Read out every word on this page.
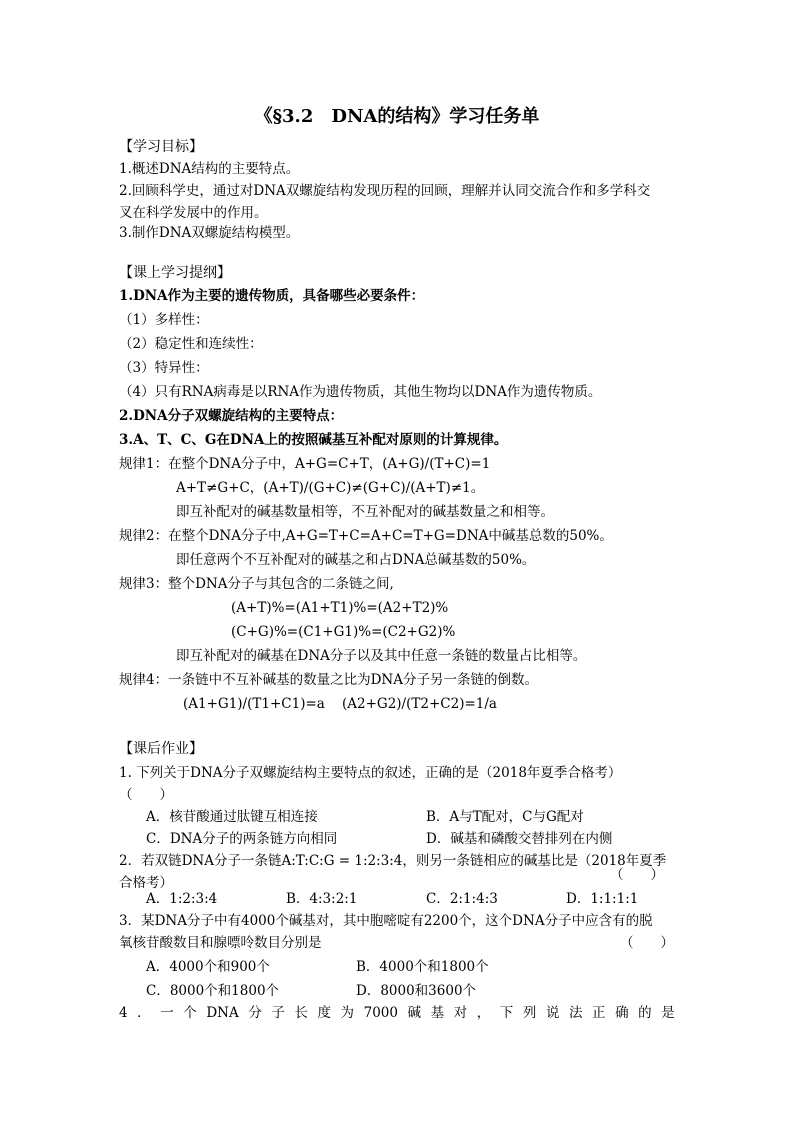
《§3.2　DNA的结构》学习任务单
【学习目标】
1.概述DNA结构的主要特点。
2.回顾科学史，通过对DNA双螺旋结构发现历程的回顾，理解并认同交流合作和多学科交
叉在科学发展中的作用。
3.制作DNA双螺旋结构模型。
【课上学习提纲】
1.DNA作为主要的遗传物质，具备哪些必要条件：
（1）多样性：
（2）稳定性和连续性：
（3）特异性：
（4）只有RNA病毒是以RNA作为遗传物质，其他生物均以DNA作为遗传物质。
2.DNA分子双螺旋结构的主要特点：
3.A、T、C、G在DNA上的按照碱基互补配对原则的计算规律。
规律1：在整个DNA分子中，A+G=C+T，(A+G)/(T+C)=1
A+T≠G+C，(A+T)/(G+C)≠(G+C)/(A+T)≠1。
即互补配对的碱基数量相等，不互补配对的碱基数量之和相等。
规律2：在整个DNA分子中,A+G=T+C=A+C=T+G=DNA中碱基总数的50%。
即任意两个不互补配对的碱基之和占DNA总碱基数的50%。
规律3：整个DNA分子与其包含的二条链之间,
(A+T)%=(A1+T1)%=(A2+T2)%
(C+G)%=(C1+G1)%=(C2+G2)%
即互补配对的碱基在DNA分子以及其中任意一条链的数量占比相等。
规律4：一条链中不互补碱基的数量之比为DNA分子另一条链的倒数。
(A1+G1)/(T1+C1)=a (A2+G2)/(T2+C2)=1/a
【课后作业】
1. 下列关于DNA分子双螺旋结构主要特点的叙述，正确的是（2018年夏季合格考）
（　　）
A．核苷酸通过肽键互相连接	B．A与T配对，C与G配对
C．DNA分子的两条链方向相同	D．碱基和磷酸交替排列在内侧
2．若双链DNA分子一条链A:T:C:G = 1:2:3:4，则另一条链相应的碱基比是（2018年夏季
合格考）	（　　）
A．1:2:3:4	B．4:3:2:1	C．2:1:4:3	D．1:1:1:1
3．某DNA分子中有4000个碱基对，其中胞嘧啶有2200个，这个DNA分子中应含有的脱
氧核苷酸数目和腺嘌呤数目分别是	（　　）
A．4000个和900个	B．4000个和1800个
C．8000个和1800个	D．8000和3600个
4 ． 一 个 DNA 分 子 长 度 为 7000 碱 基 对 ， 下 列 说 法 正 确 的 是
